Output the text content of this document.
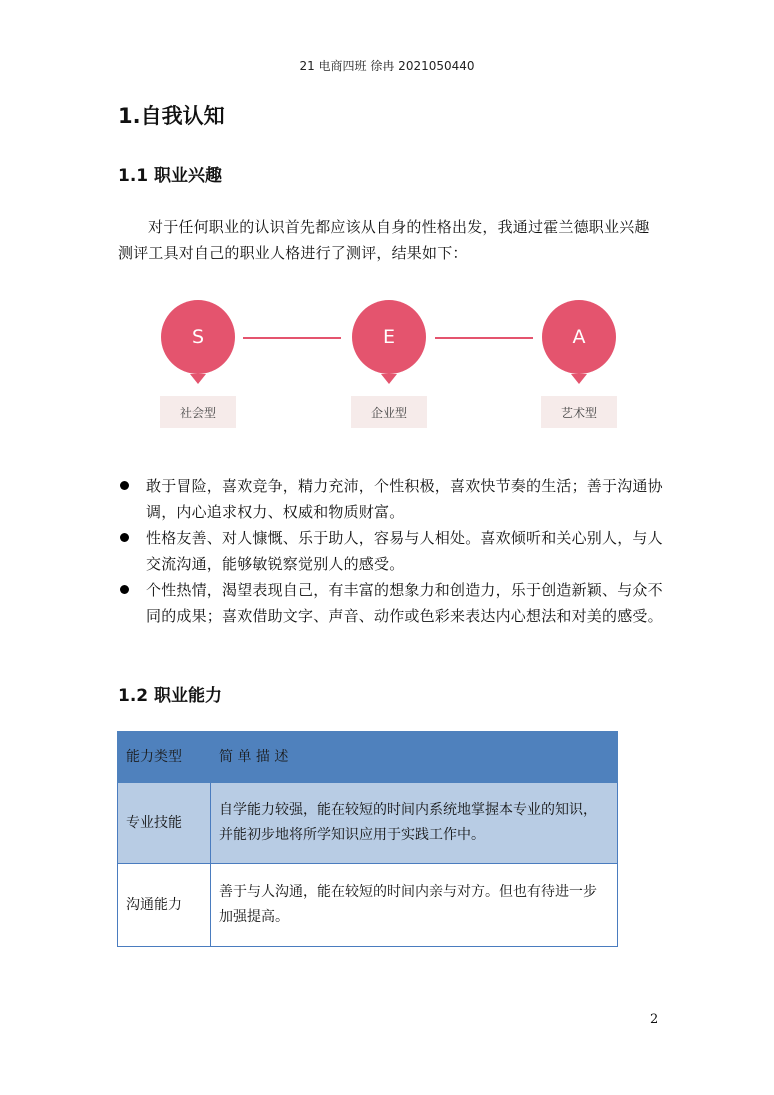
21 电商四班 徐冉 2021050440
1.自我认知
1.1 职业兴趣
对于任何职业的认识首先都应该从自身的性格出发，我通过霍兰德职业兴趣测评工具对自己的职业人格进行了测评，结果如下：
S
社会型
E
企业型
A
艺术型
敢于冒险，喜欢竞争，精力充沛，个性积极，喜欢快节奏的生活；善于沟通协调，内心追求权力、权威和物质财富。
性格友善、对人慷慨、乐于助人，容易与人相处。喜欢倾听和关心别人，与人交流沟通，能够敏锐察觉别人的感受。
个性热情，渴望表现自己，有丰富的想象力和创造力，乐于创造新颖、与众不同的成果；喜欢借助文字、声音、动作或色彩来表达内心想法和对美的感受。
1.2 职业能力
能力类型	简 单 描 述
专业技能	自学能力较强，能在较短的时间内系统地掌握本专业的知识，并能初步地将所学知识应用于实践工作中。
沟通能力	善于与人沟通，能在较短的时间内亲与对方。但也有待进一步加强提高。
2
